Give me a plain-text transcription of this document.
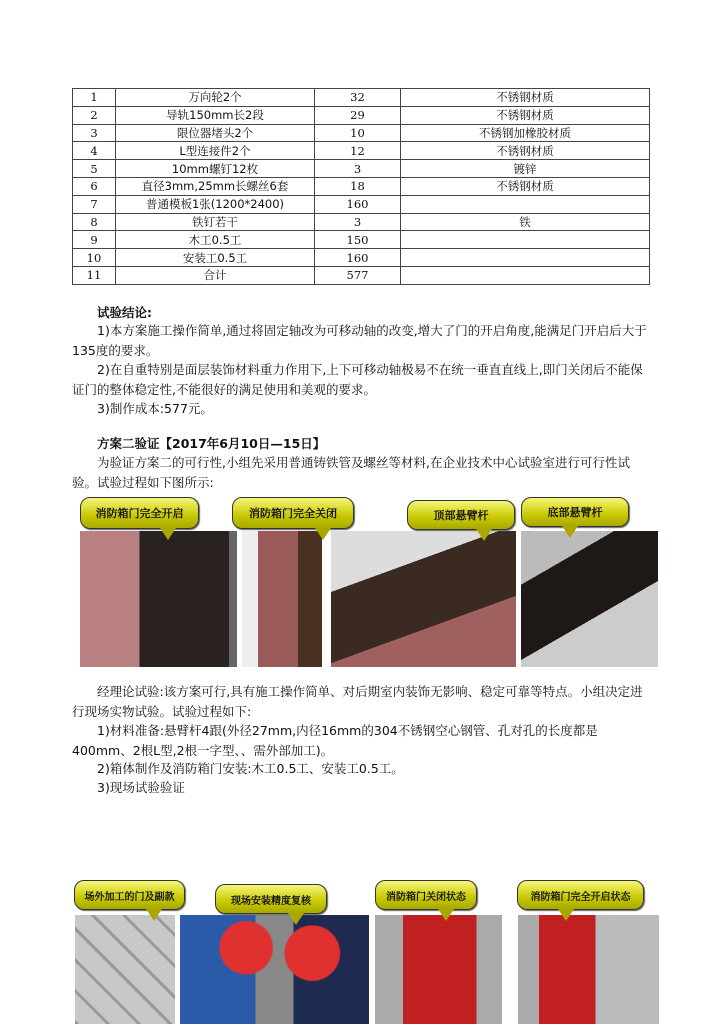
1	万向轮2个	32	不锈钢材质
2	导轨150mm长2段	29	不锈钢材质
3	限位器堵头2个	10	不锈钢加橡胶材质
4	L型连接件2个	12	不锈钢材质
5	10mm螺钉12枚	3	镀锌
6	直径3mm,25mm长螺丝6套	18	不锈钢材质
7	普通模板1张(1200*2400)	160	
8	铁钉若干	3	铁
9	木工0.5工	150	
10	安装工0.5工	160	
11	合计	577	
试验结论:
1)本方案施工操作简单,通过将固定轴改为可移动轴的改变,增大了门的开启角度,能满足门开启后大于135度的要求。
2)在自重特别是面层装饰材料重力作用下,上下可移动轴极易不在统一垂直直线上,即门关闭后不能保证门的整体稳定性,不能很好的满足使用和美观的要求。
3)制作成本:577元。
方案二验证【2017年6月10日—15日】
为验证方案二的可行性,小组先采用普通铸铁管及螺丝等材料,在企业技术中心试验室进行可行性试验。试验过程如下图所示:
消防箱门完全开启	消防箱门完全关闭	顶部悬臂杆	底部悬臂杆
经理论试验:该方案可行,具有施工操作简单、对后期室内装饰无影响、稳定可靠等特点。小组决定进行现场实物试验。试验过程如下:
1)材料准备:悬臂杆4跟(外径27mm,内径16mm的304不锈钢空心钢管、孔对孔的长度都是400mm、2根L型,2根一字型、、需外部加工)。
2)箱体制作及消防箱门安装:木工0.5工、安装工0.5工。
3)现场试验验证
场外加工的门及副款	现场安装精度复核	消防箱门关闭状态	消防箱门完全开启状态
